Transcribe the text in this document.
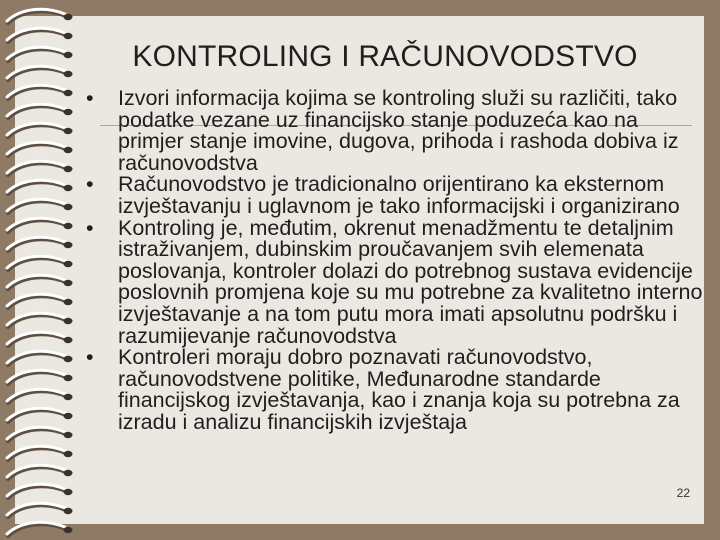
KONTROLING I RAČUNOVODSTVO
• Izvori informacija kojima se kontroling služi su različiti, tako podatke vezane uz financijsko stanje poduzeća kao na primjer stanje imovine, dugova, prihoda i rashoda dobiva iz računovodstva
• Računovodstvo je tradicionalno orijentirano ka eksternom izvještavanju i uglavnom je tako informacijski i organizirano
• Kontroling je, međutim, okrenut menadžmentu te detaljnim istraživanjem, dubinskim proučavanjem svih elemenata poslovanja, kontroler dolazi do potrebnog sustava evidencije poslovnih promjena koje su mu potrebne za kvalitetno interno izvještavanje a na tom putu mora imati apsolutnu podršku i razumijevanje računovodstva
• Kontroleri moraju dobro poznavati računovodstvo, računovodstvene politike, Međunarodne standarde financijskog izvještavanja, kao i znanja koja su potrebna za izradu i analizu financijskih izvještaja
22
